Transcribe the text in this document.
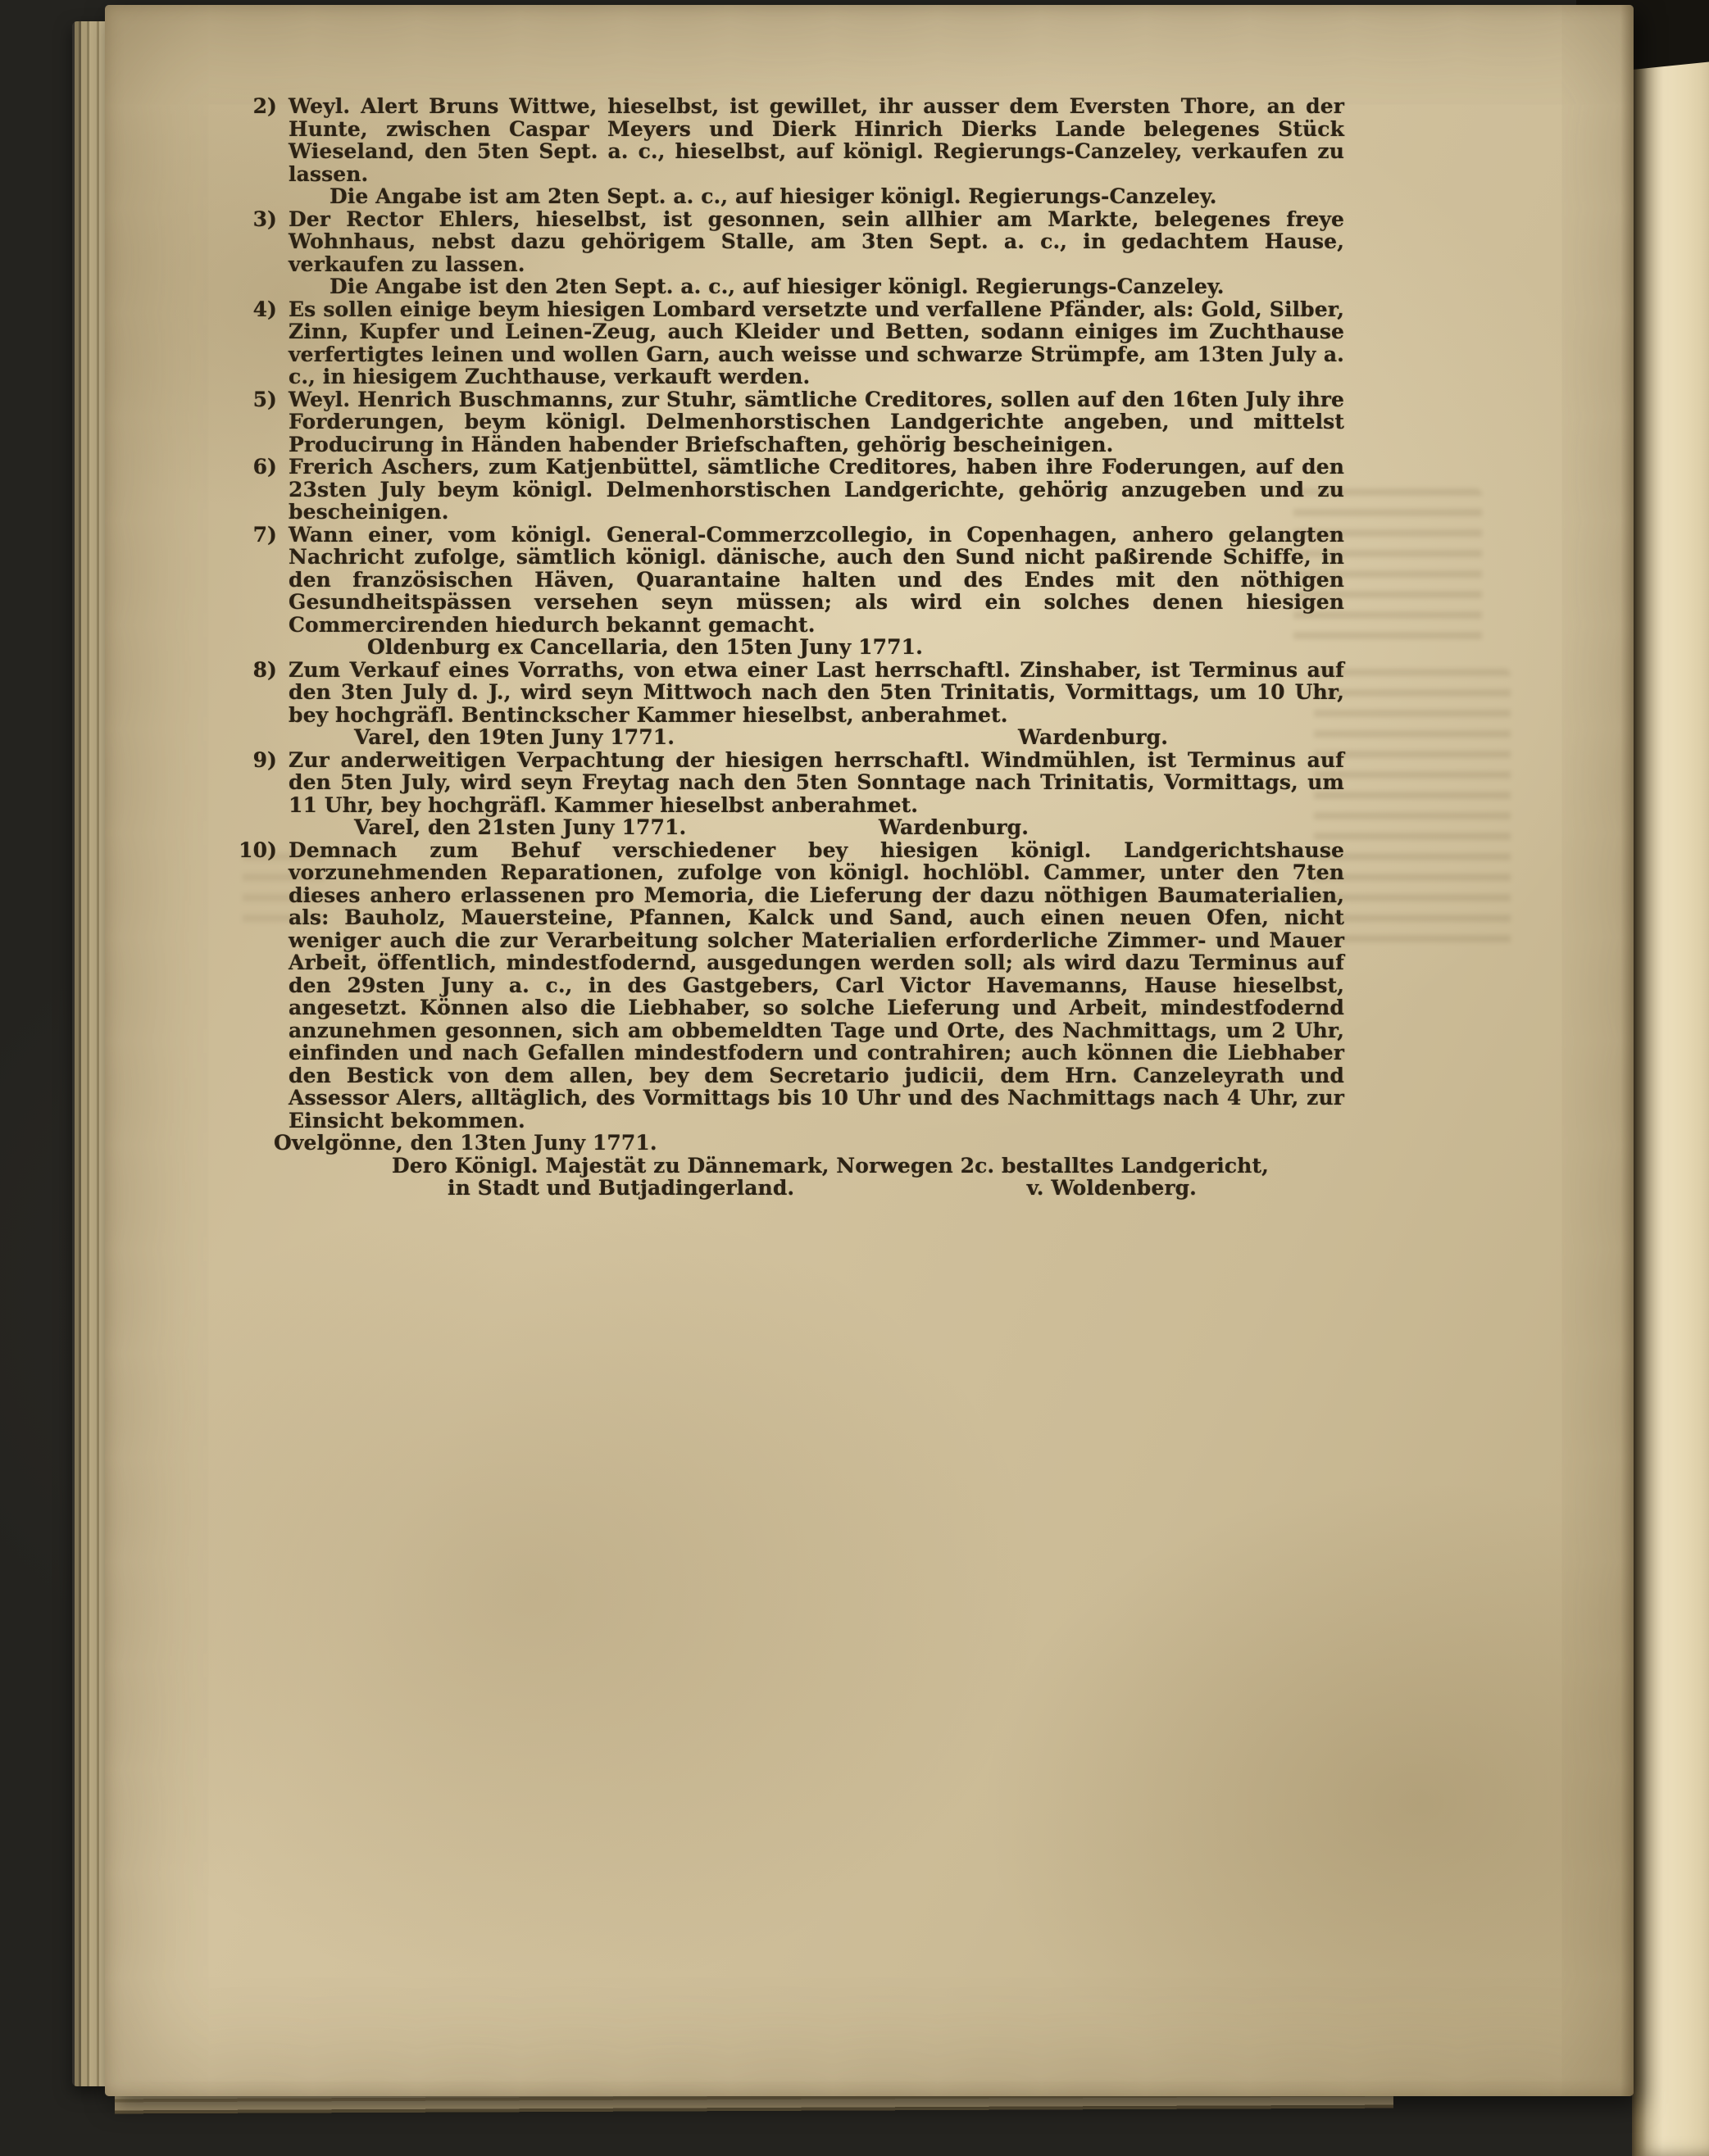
2) Weyl. Alert Bruns Wittwe, hieselbst, ist gewillet, ihr ausser dem Eversten Thore, an der Hunte, zwischen Caspar Meyers und Dierk Hinrich Dierks Lande belegenes Stück Wieseland, den 5ten Sept. a. c., hieselbst, auf königl. Regierungs-Canzeley, verkaufen zu lassen.
Die Angabe ist am 2ten Sept. a. c., auf hiesiger königl. Regierungs-Canzeley.
3) Der Rector Ehlers, hieselbst, ist gesonnen, sein allhier am Markte, belegenes freye Wohnhaus, nebst dazu gehörigem Stalle, am 3ten Sept. a. c., in gedachtem Hause, verkaufen zu lassen.
Die Angabe ist den 2ten Sept. a. c., auf hiesiger königl. Regierungs-Canzeley.
4) Es sollen einige beym hiesigen Lombard versetzte und verfallene Pfänder, als: Gold, Silber, Zinn, Kupfer und Leinen-Zeug, auch Kleider und Betten, sodann einiges im Zuchthause verfertigtes leinen und wollen Garn, auch weisse und schwarze Strümpfe, am 13ten July a. c., in hiesigem Zuchthause, verkauft werden.
5) Weyl. Henrich Buschmanns, zur Stuhr, sämtliche Creditores, sollen auf den 16ten July ihre Forderungen, beym königl. Delmenhorstischen Landgerichte angeben, und mittelst Producirung in Händen habender Briefschaften, gehörig bescheinigen.
6) Frerich Aschers, zum Katjenbüttel, sämtliche Creditores, haben ihre Foderungen, auf den 23sten July beym königl. Delmenhorstischen Landgerichte, gehörig anzugeben und zu bescheinigen.
7) Wann einer, vom königl. General-Commerzcollegio, in Copenhagen, anhero gelangten Nachricht zufolge, sämtlich königl. dänische, auch den Sund nicht paßirende Schiffe, in den französischen Häven, Quarantaine halten und des Endes mit den nöthigen Gesundheitspässen versehen seyn müssen; als wird ein solches denen hiesigen Commercirenden hiedurch bekannt gemacht.
Oldenburg ex Cancellaria, den 15ten Juny 1771.
8) Zum Verkauf eines Vorraths, von etwa einer Last herrschaftl. Zinshaber, ist Terminus auf den 3ten July d. J., wird seyn Mittwoch nach den 5ten Trinitatis, Vormittags, um 10 Uhr, bey hochgräfl. Bentinckscher Kammer hieselbst, anberahmet.
Varel, den 19ten Juny 1771.	Wardenburg.
9) Zur anderweitigen Verpachtung der hiesigen herrschaftl. Windmühlen, ist Terminus auf den 5ten July, wird seyn Freytag nach den 5ten Sonntage nach Trinitatis, Vormittags, um 11 Uhr, bey hochgräfl. Kammer hieselbst anberahmet.
Varel, den 21sten Juny 1771.	Wardenburg.
10) Demnach zum Behuf verschiedener bey hiesigen königl. Landgerichtshause vorzunehmenden Reparationen, zufolge von königl. hochlöbl. Cammer, unter den 7ten dieses anhero erlassenen pro Memoria, die Lieferung der dazu nöthigen Baumaterialien, als: Bauholz, Mauersteine, Pfannen, Kalck und Sand, auch einen neuen Ofen, nicht weniger auch die zur Verarbeitung solcher Materialien erforderliche Zimmer- und Mauer Arbeit, öffentlich, mindestfodernd, ausgedungen werden soll; als wird dazu Terminus auf den 29sten Juny a. c., in des Gastgebers, Carl Victor Havemanns, Hause hieselbst, angesetzt. Können also die Liebhaber, so solche Lieferung und Arbeit, mindestfodernd anzunehmen gesonnen, sich am obbemeldten Tage und Orte, des Nachmittags, um 2 Uhr, einfinden und nach Gefallen mindestfodern und contrahiren; auch können die Liebhaber den Bestick von dem allen, bey dem Secretario judicii, dem Hrn. Canzeleyrath und Assessor Alers, alltäglich, des Vormittags bis 10 Uhr und des Nachmittags nach 4 Uhr, zur Einsicht bekommen.
Ovelgönne, den 13ten Juny 1771.
Dero Königl. Majestät zu Dännemark, Norwegen 2c. bestalltes Landgericht,
in Stadt und Butjadingerland.	v. Woldenberg.
